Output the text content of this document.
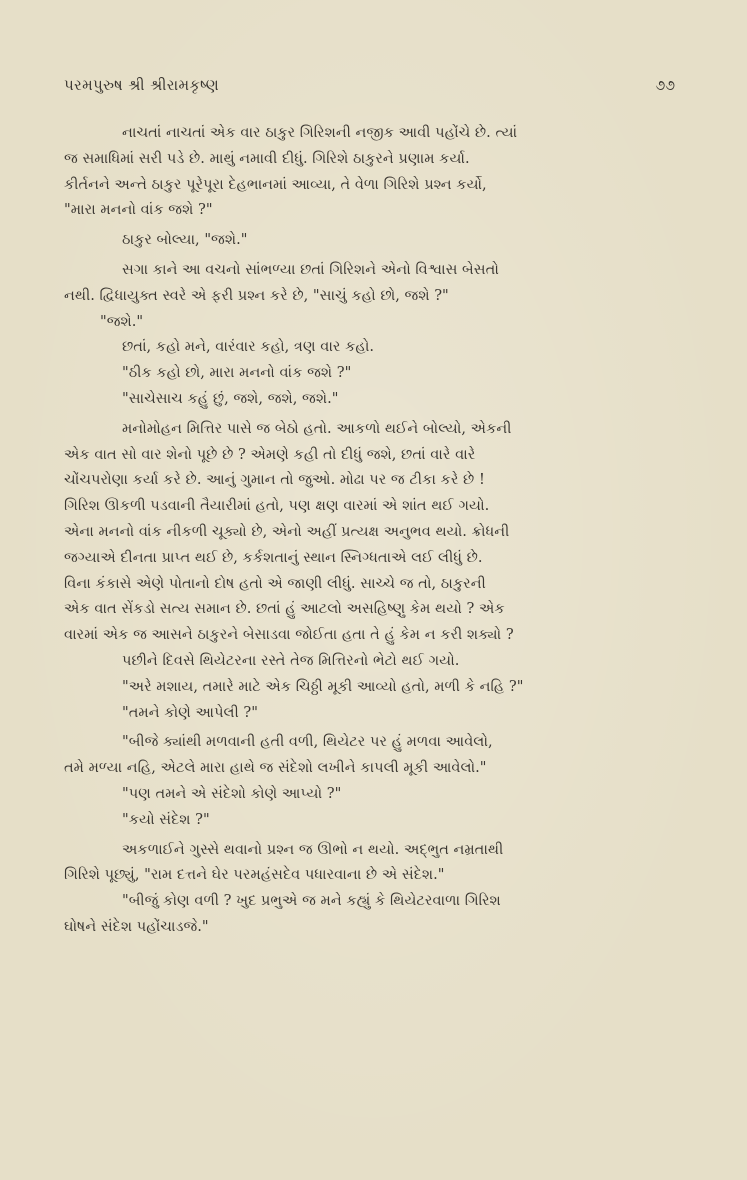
પરમપુરુષ શ્રી શ્રીરામકૃષ્ણ	૭૭
નાચતાં નાચતાં એક વાર ઠાકુર ગિરિશની નજીક આવી પહોંચે છે. ત્યાં
જ સમાધિમાં સરી પડે છે. માથું નમાવી દીધું. ગિરિશે ઠાકુરને પ્રણામ કર્યા.
કીર્તનને અન્તે ઠાકુર પૂરેપૂરા દેહભાનમાં આવ્યા, તે વેળા ગિરિશે પ્રશ્ન કર્યો,
"મારા મનનો વાંક જશે ?"
ઠાકુર બોલ્યા, "જશે."
સગા કાને આ વચનો સાંભળ્યા છતાં ગિરિશને એનો વિશ્વાસ બેસતો
નથી. દ્વિધાયુક્ત સ્વરે એ ફરી પ્રશ્ન કરે છે, "સાચું કહો છો, જશે ?"
"જશે."
છતાં, કહો મને, વારંવાર કહો, ત્રણ વાર કહો.
"ઠીક કહો છો, મારા મનનો વાંક જશે ?"
"સાચેસાચ કહું છું, જશે, જશે, જશે."
મનોમોહન મિત્તિર પાસે જ બેઠો હતો. આકળો થઈને બોલ્યો, એકની
એક વાત સો વાર શેનો પૂછે છે ? એમણે કહી તો દીધું જશે, છતાં વારે વારે
ચોંચપરોણા કર્યા કરે છે. આનું ગુમાન તો જુઓ. મોઢા પર જ ટીકા કરે છે !
ગિરિશ ઊકળી પડવાની તૈયારીમાં હતો, પણ ક્ષણ વારમાં એ શાંત થઈ ગયો.
એના મનનો વાંક નીકળી ચૂક્યો છે, એનો અહીં પ્રત્યક્ષ અનુભવ થયો. ક્રોધની
જગ્યાએ દીનતા પ્રાપ્ત થઈ છે, કર્કશતાનું સ્થાન સ્નિગ્ધતાએ લઈ લીધું છે.
વિના કંકાસે એણે પોતાનો દોષ હતો એ જાણી લીધું. સાચ્ચે જ તો, ઠાકુરની
એક વાત સેંકડો સત્ય સમાન છે. છતાં હું આટલો અસહિષ્ણુ કેમ થયો ? એક
વારમાં એક જ આસને ઠાકુરને બેસાડવા જોઈતા હતા તે હું કેમ ન કરી શક્યો ?
પછીને દિવસે થિયેટરના રસ્તે તેજ મિત્તિરનો ભેટો થઈ ગયો.
"અરે મશાય, તમારે માટે એક ચિઠ્ઠી મૂકી આવ્યો હતો, મળી કે નહિ ?"
"તમને કોણે આપેલી ?"
"બીજે ક્યાંથી મળવાની હતી વળી, થિયેટર પર હું મળવા આવેલો,
તમે મળ્યા નહિ, એટલે મારા હાથે જ સંદેશો લખીને કાપલી મૂકી આવેલો."
"પણ તમને એ સંદેશો કોણે આપ્યો ?"
"કયો સંદેશ ?"
અકળાઈને ગુસ્સે થવાનો પ્રશ્ન જ ઊભો ન થયો. અદ્ભુત નમ્રતાથી
ગિરિશે પૂછ્યું, "રામ દત્તને ઘેર પરમહંસદેવ પધારવાના છે એ સંદેશ."
"બીજું કોણ વળી ? ખુદ પ્રભુએ જ મને કહ્યું કે થિયેટરવાળા ગિરિશ
ઘોષને સંદેશ પહોંચાડજે."
